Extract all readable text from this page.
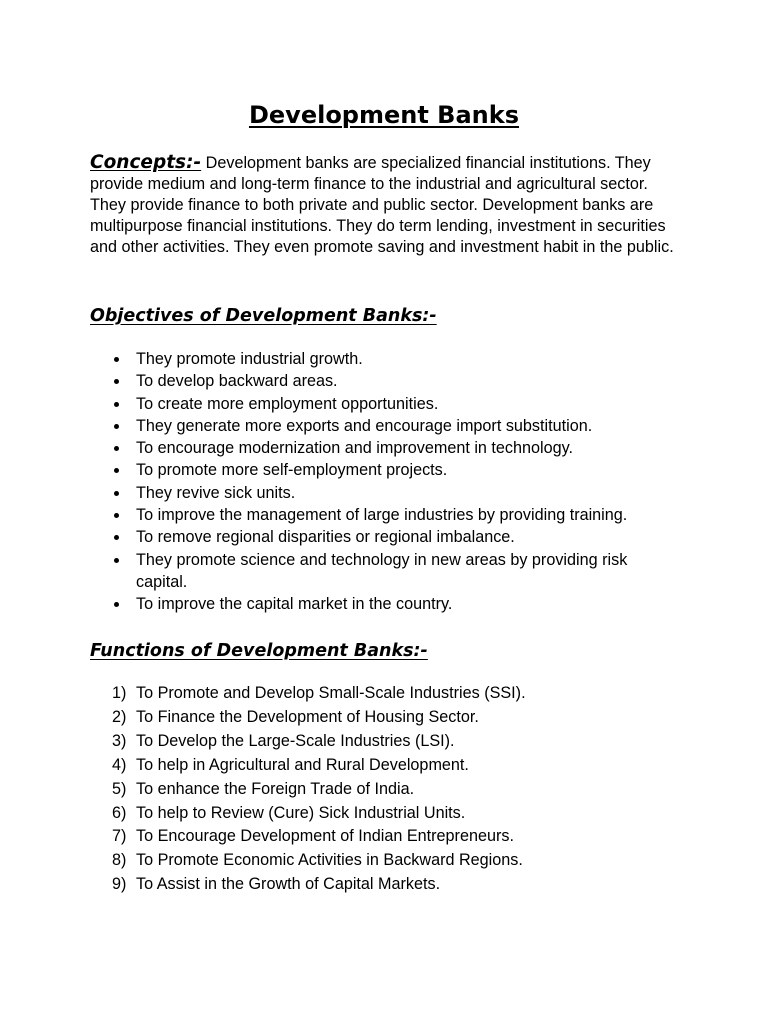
Development Banks
Concepts:- Development banks are specialized financial institutions. They provide medium and long-term finance to the industrial and agricultural sector. They provide finance to both private and public sector. Development banks are multipurpose financial institutions. They do term lending, investment in securities and other activities. They even promote saving and investment habit in the public.
Objectives of Development Banks:-
They promote industrial growth.
To develop backward areas.
To create more employment opportunities.
They generate more exports and encourage import substitution.
To encourage modernization and improvement in technology.
To promote more self-employment projects.
They revive sick units.
To improve the management of large industries by providing training.
To remove regional disparities or regional imbalance.
They promote science and technology in new areas by providing risk capital.
To improve the capital market in the country.
Functions of Development Banks:-
1) To Promote and Develop Small-Scale Industries (SSI).
2) To Finance the Development of Housing Sector.
3) To Develop the Large-Scale Industries (LSI).
4) To help in Agricultural and Rural Development.
5) To enhance the Foreign Trade of India.
6) To help to Review (Cure) Sick Industrial Units.
7) To Encourage Development of Indian Entrepreneurs.
8) To Promote Economic Activities in Backward Regions.
9) To Assist in the Growth of Capital Markets.
